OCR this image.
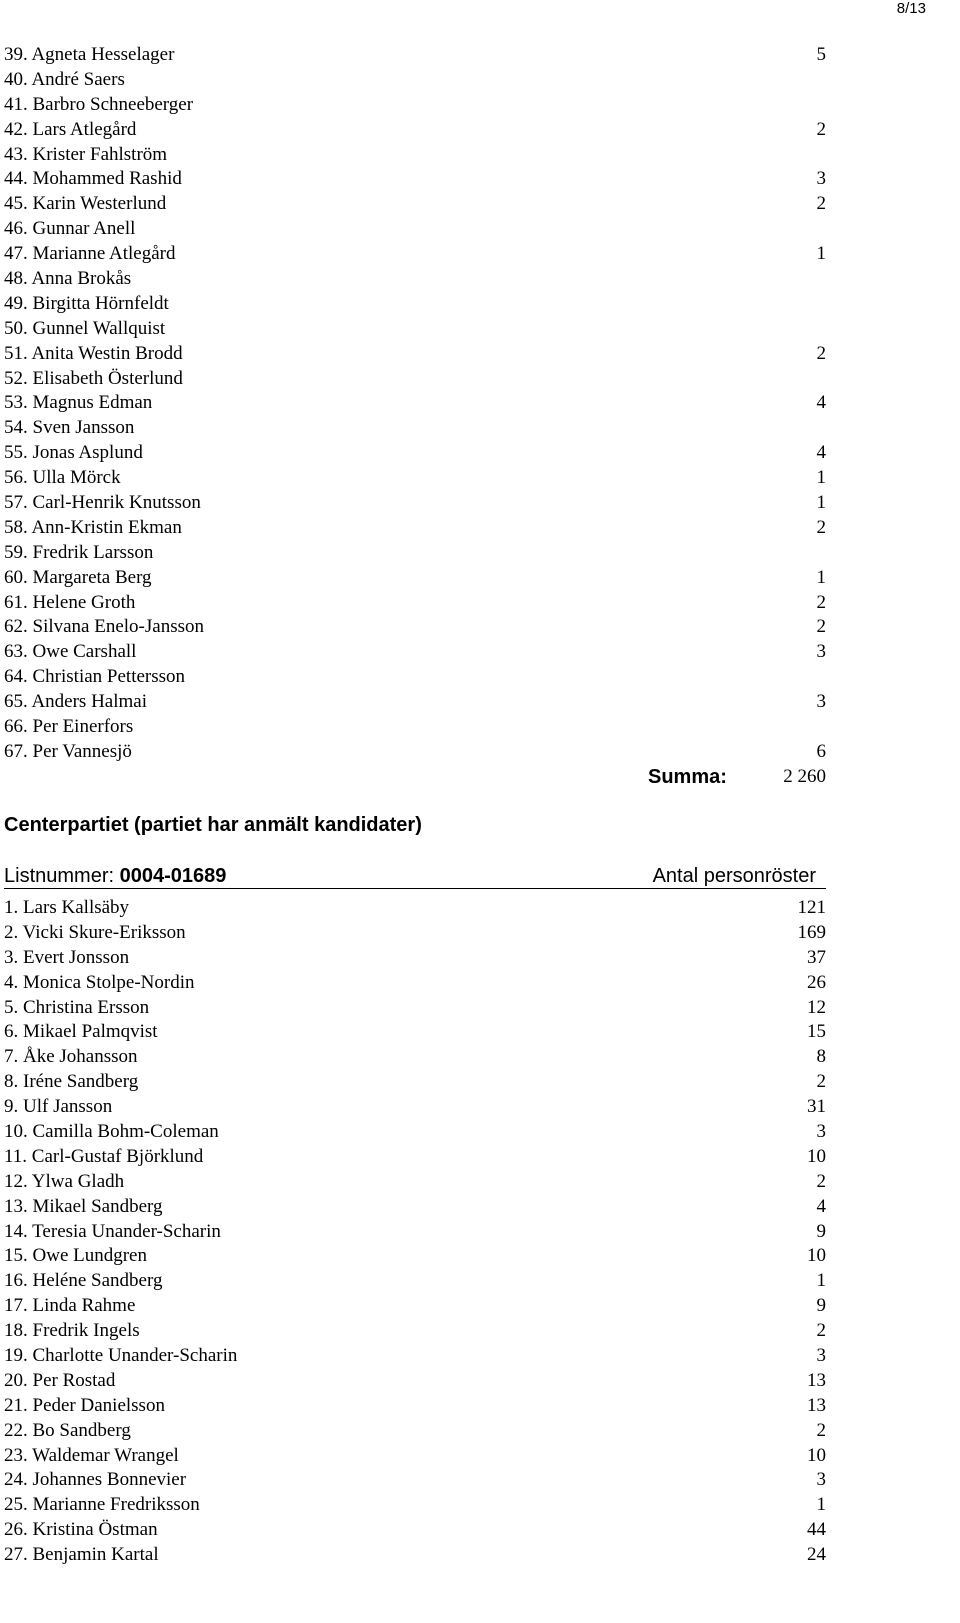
8/13
39. Agneta Hesselager	5
40. André Saers
41. Barbro Schneeberger
42. Lars Atlegård	2
43. Krister Fahlström
44. Mohammed Rashid	3
45. Karin Westerlund	2
46. Gunnar Anell
47. Marianne Atlegård	1
48. Anna Brokås
49. Birgitta Hörnfeldt
50. Gunnel Wallquist
51. Anita Westin Brodd	2
52. Elisabeth Österlund
53. Magnus Edman	4
54. Sven Jansson
55. Jonas Asplund	4
56. Ulla Mörck	1
57. Carl-Henrik Knutsson	1
58. Ann-Kristin Ekman	2
59. Fredrik Larsson
60. Margareta Berg	1
61. Helene Groth	2
62. Silvana Enelo-Jansson	2
63. Owe Carshall	3
64. Christian Pettersson
65. Anders Halmai	3
66. Per Einerfors
67. Per Vannesjö	6
Summa:	2 260
Centerpartiet (partiet har anmält kandidater)
Listnummer: 0004-01689	Antal personröster
1. Lars Kallsäby	121
2. Vicki Skure-Eriksson	169
3. Evert Jonsson	37
4. Monica Stolpe-Nordin	26
5. Christina Ersson	12
6. Mikael Palmqvist	15
7. Åke Johansson	8
8. Iréne Sandberg	2
9. Ulf Jansson	31
10. Camilla Bohm-Coleman	3
11. Carl-Gustaf Björklund	10
12. Ylwa Gladh	2
13. Mikael Sandberg	4
14. Teresia Unander-Scharin	9
15. Owe Lundgren	10
16. Heléne Sandberg	1
17. Linda Rahme	9
18. Fredrik Ingels	2
19. Charlotte Unander-Scharin	3
20. Per Rostad	13
21. Peder Danielsson	13
22. Bo Sandberg	2
23. Waldemar Wrangel	10
24. Johannes Bonnevier	3
25. Marianne Fredriksson	1
26. Kristina Östman	44
27. Benjamin Kartal	24
